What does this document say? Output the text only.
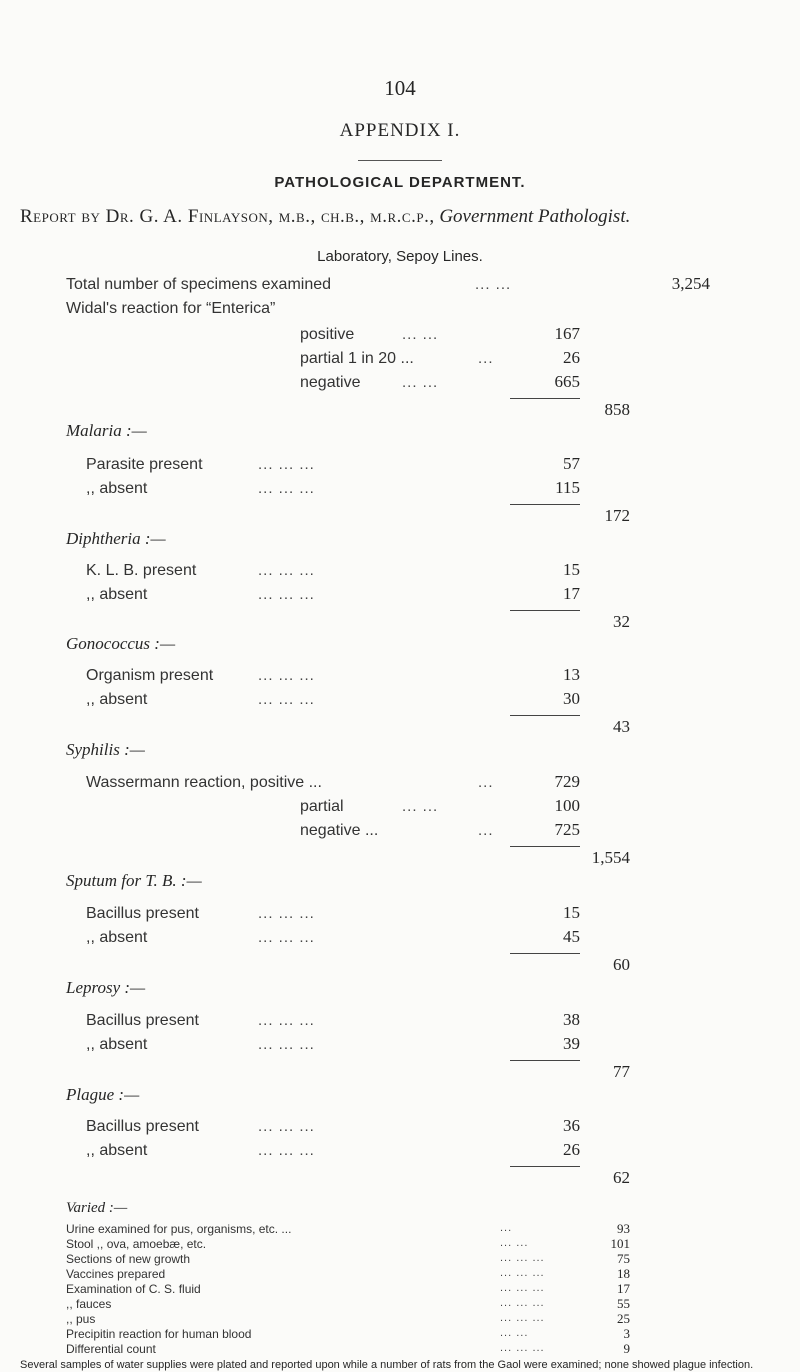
104
APPENDIX I.
PATHOLOGICAL DEPARTMENT.
Report by Dr. G. A. Finlayson, m.b., ch.b., m.r.c.p., Government Pathologist.
Laboratory, Sepoy Lines.
Total number of specimens examined	... ...	3,254
Widal's reaction for “Enterica”
positive	... ...	167
partial 1 in 20 ...	...	26
negative	... ...	665
858
Malaria :—
Parasite present	... ... ...	57
,, absent	... ... ...	115
172
Diphtheria :—
K. L. B. present	... ... ...	15
,, absent	... ... ...	17
32
Gonococcus :—
Organism present	... ... ...	13
,, absent	... ... ...	30
43
Syphilis :—
Wassermann reaction, positive ...	...	729
partial	... ...	100
negative ...	...	725
1,554
Sputum for T. B. :—
Bacillus present	... ... ...	15
,, absent	... ... ...	45
60
Leprosy :—
Bacillus present	... ... ...	38
,, absent	... ... ...	39
77
Plague :—
Bacillus present	... ... ...	36
,, absent	... ... ...	26
62
Varied :—
Several samples of water supplies were plated and reported upon while a number of rats from the Gaol were examined; none showed plague infection.
Urine examined for pus, organisms, etc. ...	...	93
Stool ,, ova, amoebæ, etc.	... ...	101
Sections of new growth	... ... ...	75
Vaccines prepared	... ... ...	18
Examination of C. S. fluid	... ... ...	17
,, fauces	... ... ...	55
,, pus	... ... ...	25
Precipitin reaction for human blood	... ...	3
Differential count	... ... ...	9
